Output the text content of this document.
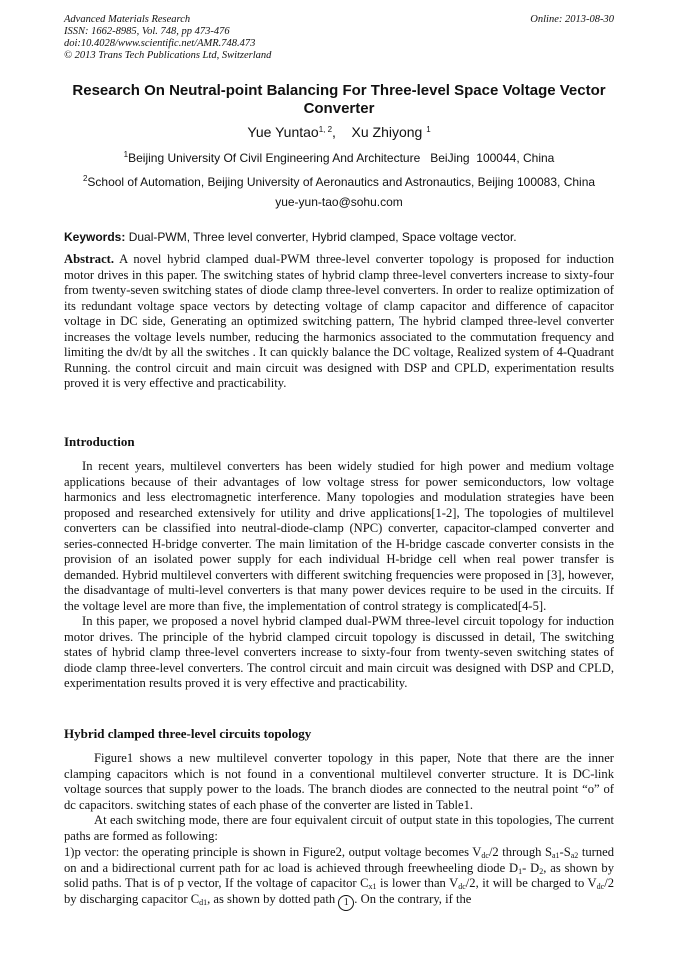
Advanced Materials Research
ISSN: 1662-8985, Vol. 748, pp 473-476
doi:10.4028/www.scientific.net/AMR.748.473
© 2013 Trans Tech Publications Ltd, Switzerland
Online: 2013-08-30
Research On Neutral-point Balancing For Three-level Space Voltage Vector Converter
Yue Yuntao$^{1, 2}$, Xu Zhiyong $^1$
$^1$Beijing University Of Civil Engineering And Architecture   BeiJing  100044, China
$^2$School of Automation, Beijing University of Aeronautics and Astronautics, Beijing 100083, China
yue-yun-tao@sohu.com
Keywords: Dual-PWM, Three level converter, Hybrid clamped, Space voltage vector.

Abstract. A novel hybrid clamped dual-PWM three-level converter topology is proposed for induction motor drives in this paper. The switching states of hybrid clamp three-level converters increase to sixty-four from twenty-seven switching states of diode clamp three-level converters. In order to realize optimization of its redundant voltage space vectors by detecting voltage of clamp capacitor and difference of capacitor voltage in DC side, Generating an optimized switching pattern, The hybrid clamped three-level converter increases the voltage levels number, reducing the harmonics associated to the commutation frequency and limiting the dv/dt by all the switches . It can quickly balance the DC voltage, Realized system of 4-Quadrant Running. the control circuit and main circuit was designed with DSP and CPLD, experimentation results proved it is very effective and practicability.

Introduction

In recent years, multilevel converters has been widely studied for high power and medium voltage applications because of their advantages of low voltage stress for power semiconductors, low voltage harmonics and less electromagnetic interference. Many topologies and modulation strategies have been proposed and researched extensively for utility and drive applications[1-2], The topologies of multilevel converters can be classified into neutral-diode-clamp (NPC) converter, capacitor-clamped converter and series-connected H-bridge converter. The main limitation of the H-bridge cascade converter consists in the provision of an isolated power supply for each individual H-bridge cell when real power transfer is demanded. Hybrid multilevel converters with different switching frequencies were proposed in [3], however, the disadvantage of multi-level converters is that many power devices require to be used in the circuits. If the voltage level are more than five, the implementation of control strategy is complicated[4-5].

In this paper, we proposed a novel hybrid clamped dual-PWM three-level circuit topology for induction motor drives. The principle of the hybrid clamped circuit topology is discussed in detail, The switching states of hybrid clamp three-level converters increase to sixty-four from twenty-seven switching states of diode clamp three-level converters. The control circuit and main circuit was designed with DSP and CPLD, experimentation results proved it is very effective and practicability.

Hybrid clamped three-level circuits topology

Figure1 shows a new multilevel converter topology in this paper, Note that there are the inner clamping capacitors which is not found in a conventional multilevel converter structure. It is DC-link voltage sources that supply power to the loads. The branch diodes are connected to the neutral point “o” of dc capacitors. switching states of each phase of the converter are listed in Table1.

At each switching mode, there are four equivalent circuit of output state in this topologies, The current paths are formed as following:

1)p vector: the operating principle is shown in Figure2, output voltage becomes $V_{dc}/2$ through $S_{a1}-S_{a2}$ turned on and a bidirectional current path for ac load is achieved through freewheeling diode $D_1-$ $D_2$, as shown by solid paths. That is of p vector, If the voltage of capacitor $C_{x1}$ is lower than $V_{dc}/2$, it will be charged to $V_{dc}/2$ by discharging capacitor $C_{d1}$, as shown by dotted path 1 . On the contrary, if the
